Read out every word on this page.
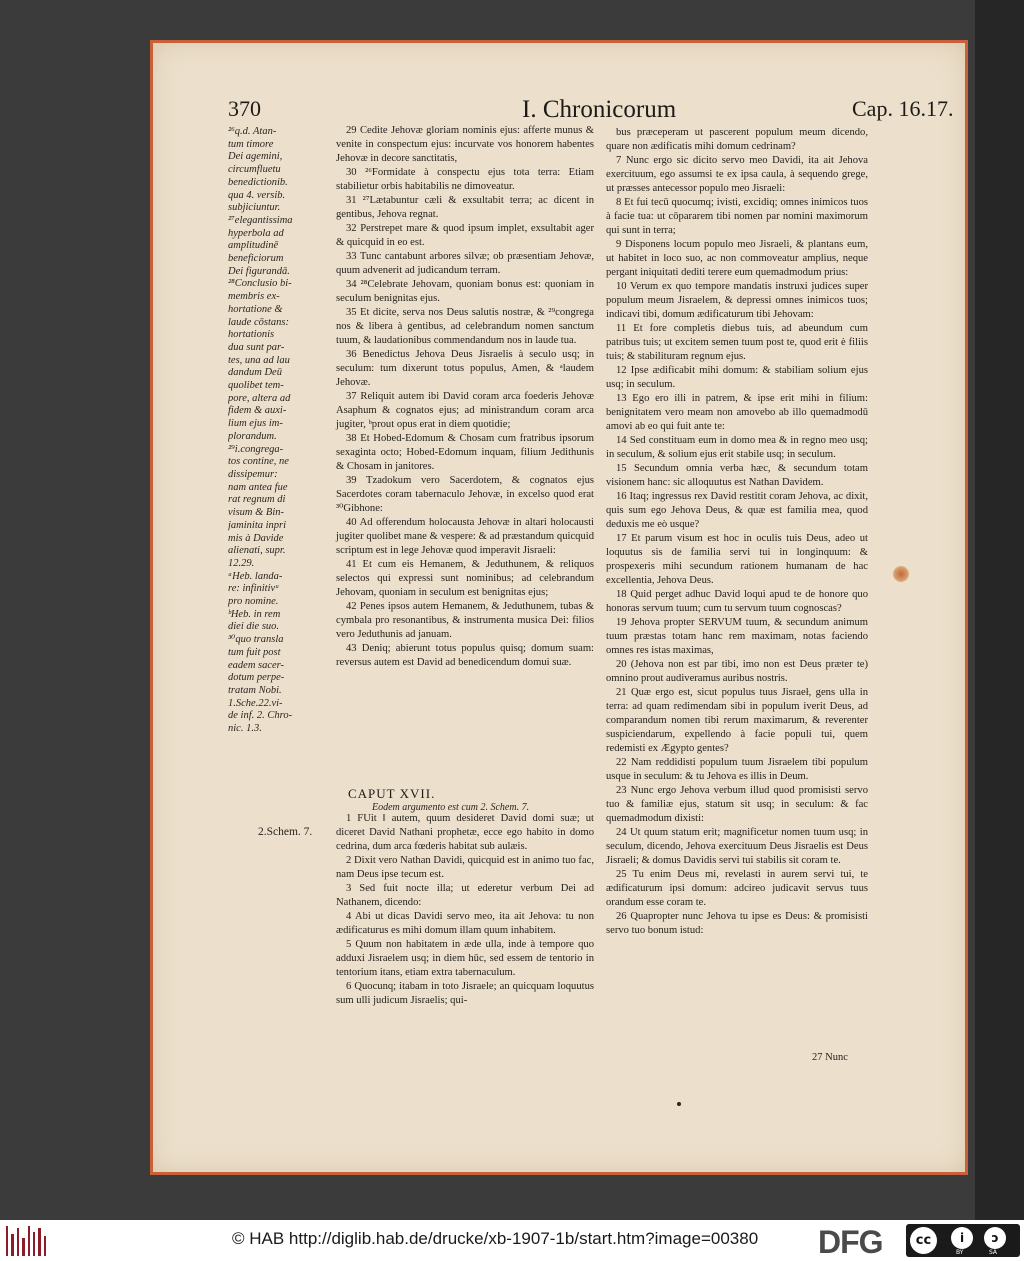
370	I. Chronicorum	Cap. 16.17.
²⁶q.d. Atan-
tum timore
Dei agemini,
circumfluetu
benedictionib.
qua 4. versib.
subjiciuntur.
²⁷elegantissima
hyperbola ad
amplitudinē
beneficiorum
Dei figurandā.
²⁸Conclusio bi-
membris ex-
hortatione &
laude cōstans:
hortationis
dua sunt par-
tes, una ad lau
dandum Deū
quolibet tem-
pore, altera ad
fidem & auxi-
lium ejus im-
plorandum.
²⁹i.congrega-
tos contine, ne
dissipemur:
nam antea fue
rat regnum di
visum & Bin-
jaminita inpri
mis à Davide
alienati, supr.
12.29.
ᵃHeb. landa-
re: infinitivᵘ
pro nomine.
ᵇHeb. in rem
diei die suo.
³⁰quo transla
tum fuit post
eadem sacer-
dotum perpe-
tratam Nobi.
1.Sche.22.vi-
de inf. 2. Chro-
nic. 1.3.

29 Cedite Jehovæ gloriam nominis ejus: afferte munus & venite in conspectum ejus: incurvate vos honorem habentes Jehovæ in decore sanctitatis,

30 ²⁶Formidate à conspectu ejus tota terra: Etiam stabilietur orbis habitabilis ne dimoveatur.

31 ²⁷Lætabuntur cæli & exsultabit terra; ac dicent in gentibus, Jehova regnat.

32 Perstrepet mare & quod ipsum implet, exsultabit ager & quicquid in eo est.

33 Tunc cantabunt arbores silvæ; ob præsentiam Jehovæ, quum advenerit ad judicandum terram.

34 ²⁸Celebrate Jehovam, quoniam bonus est: quoniam in seculum benignitas ejus.

35 Et dicite, serva nos Deus salutis nostræ, & ²⁹congrega nos & libera à gentibus, ad celebrandum nomen sanctum tuum, & laudationibus commendandum nos in laude tua.

36 Benedictus Jehova Deus Jisraelis à seculo usq; in seculum: tum dixerunt totus populus, Amen, & ᵃlaudem Jehovæ.

37 Reliquit autem ibi David coram arca foederis Jehovæ Asaphum & cognatos ejus; ad ministrandum coram arca jugiter, ᵇprout opus erat in diem quotidie;

38 Et Hobed-Edomum & Chosam cum fratribus ipsorum sexaginta octo; Hobed-Edomum inquam, filium Jedithunis & Chosam in janitores.

39 Tzadokum vero Sacerdotem, & cognatos ejus Sacerdotes coram tabernaculo Jehovæ, in excelso quod erat ³⁰Gibhone:

40 Ad offerendum holocausta Jehovæ in altari holocausti jugiter quolibet mane & vespere: & ad præstandum quicquid scriptum est in lege Jehovæ quod imperavit Jisraeli:

41 Et cum eis Hemanem, & Jeduthunem, & reliquos selectos qui expressi sunt nominibus; ad celebrandum Jehovam, quoniam in seculum est benignitas ejus;

42 Penes ipsos autem Hemanem, & Jeduthunem, tubas & cymbala pro resonantibus, & instrumenta musica Dei: filios vero Jeduthunis ad januam.

43 Deniq; abierunt totus populus quisq; domum suam: reversus autem est David ad benedicendum domui suæ.

CAPUT XVII.
Eodem argumento est cum 2. Schem. 7.
2.Schem. 7.

1 FUit ‖ autem, quum desideret David domi suæ; ut diceret David Nathani prophetæ, ecce ego habito in domo cedrina, dum arca fœderis habitat sub aulæis.

2 Dixit vero Nathan Davidi, quicquid est in animo tuo fac, nam Deus ipse tecum est.

3 Sed fuit nocte illa; ut ederetur verbum Dei ad Nathanem, dicendo:

4 Abi ut dicas Davidi servo meo, ita ait Jehova: tu non ædificaturus es mihi domum illam quum inhabitem.

5 Quum non habitatem in æde ulla, inde à tempore quo adduxi Jisraelem usq; in diem hūc, sed essem de tentorio in tentorium itans, etiam extra tabernaculum.

6 Quocunq; itabam in toto Jisraele; an quicquam loquutus sum ulli judicum Jisraelis; qui-

bus præceperam ut pascerent populum meum dicendo, quare non ædificatis mihi domum cedrinam?

7 Nunc ergo sic dicito servo meo Davidi, ita ait Jehova exercituum, ego assumsi te ex ipsa caula, à sequendo grege, ut præsses antecessor populo meo Jisraeli:

8 Et fui tecū quocumq; ivisti, excidiq; omnes inimicos tuos à facie tua: ut cōpararem tibi nomen par nomini maximorum qui sunt in terra;

9 Disponens locum populo meo Jisraeli, & plantans eum, ut habitet in loco suo, ac non commoveatur amplius, neque pergant iniquitati dediti terere eum quemadmodum prius:

10 Verum ex quo tempore mandatis instruxi judices super populum meum Jisraelem, & depressi omnes inimicos tuos; indicavi tibi, domum ædificaturum tibi Jehovam:

11 Et fore completis diebus tuis, ad abeundum cum patribus tuis; ut excitem semen tuum post te, quod erit è filiis tuis; & stabilituram regnum ejus.

12 Ipse ædificabit mihi domum: & stabiliam solium ejus usq; in seculum.

13 Ego ero illi in patrem, & ipse erit mihi in filium: benignitatem vero meam non amovebo ab illo quemadmodū amovi ab eo qui fuit ante te:

14 Sed constituam eum in domo mea & in regno meo usq; in seculum, & solium ejus erit stabile usq; in seculum.

15 Secundum omnia verba hæc, & secundum totam visionem hanc: sic alloquutus est Nathan Davidem.

16 Itaq; ingressus rex David restitit coram Jehova, ac dixit, quis sum ego Jehova Deus, & quæ est familia mea, quod deduxis me eò usque?

17 Et parum visum est hoc in oculis tuis Deus, adeo ut loquutus sis de familia servi tui in longinquum: & prospexeris mihi secundum rationem humanam de hac excellentia, Jehova Deus.

18 Quid perget adhuc David loqui apud te de honore quo honoras servum tuum; cum tu servum tuum cognoscas?

19 Jehova propter SERVUM tuum, & secundum animum tuum præstas totam hanc rem maximam, notas faciendo omnes res istas maximas,

20 (Jehova non est par tibi, imo non est Deus præter te) omnino prout audiveramus auribus nostris.

21 Quæ ergo est, sicut populus tuus Jisraeł, gens ulla in terra: ad quam redimendam sibi in populum iverit Deus, ad comparandum nomen tibi rerum maximarum, & reverenter suspiciendarum, expellendo à facie populi tui, quem redemisti ex Ægypto gentes?

22 Nam reddidisti populum tuum Jisraelem tibi populum usque in seculum: & tu Jehova es illis in Deum.

23 Nunc ergo Jehova verbum illud quod promisisti servo tuo & familiæ ejus, statum sit usq; in seculum: & fac quemadmodum dixisti:

24 Ut quum statum erit; magnificetur nomen tuum usq; in seculum, dicendo, Jehova exercituum Deus Jisraelis est Deus Jisraeli; & domus Davidis servi tui stabilis sit coram te.

25 Tu enim Deus mi, revelasti in aurem servi tui, te ædificaturum ipsi domum: adcireo judicavit servus tuus orandum esse coram te.

26 Quapropter nunc Jehova tu ipse es Deus: & promisisti servo tuo bonum istud:

27 Nunc
© HAB http://diglib.hab.de/drucke/xb-1907-1b/start.htm?image=00380 DFG	cc	i	ↄ
BY	SA
